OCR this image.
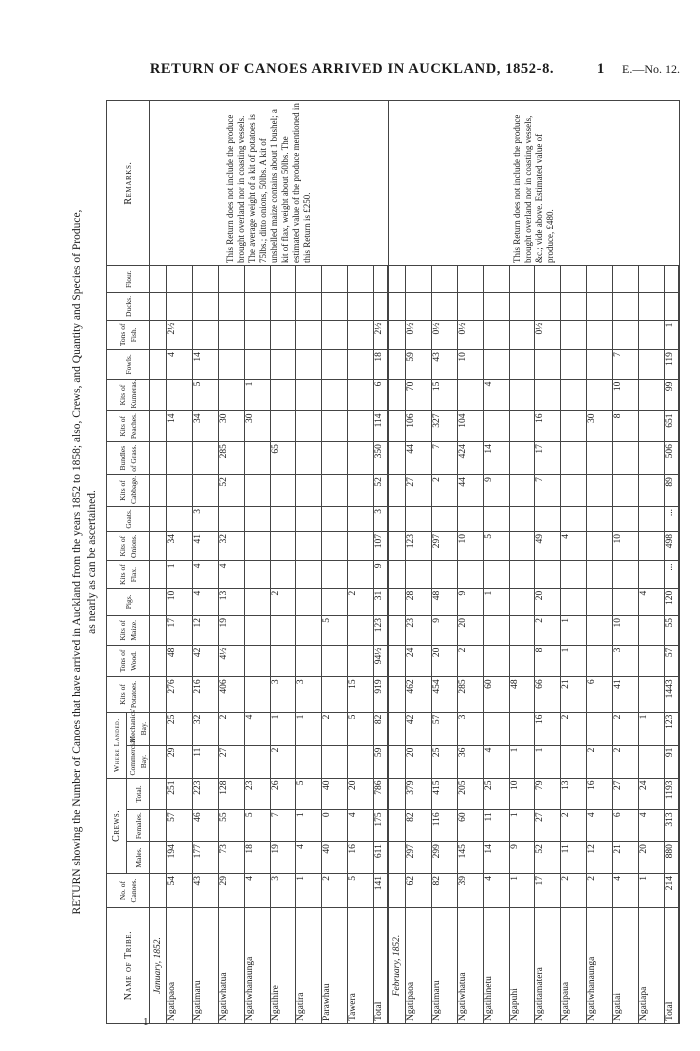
RETURN OF CANOES ARRIVED IN AUCKLAND, 1852-8.	1 E.—No. 12.
RETURN showing the Number of Canoes that have arrived in Auckland from the years 1852 to 1858; also, Crews, and Quantity and Species of Produce, as nearly as can be ascertained.
Name of Tribe.	No. of Canoes.	Crews.			Where Landed.		Kits of Potatoes.	Tons of Wood.	Kits of Maize.	Pigs.	Kits of Flax.	Kits of Onions.	Goats.	Kits of Cabbage.	Bundles of Grass.	Kits of Peaches.	Kits of Kumeras.	Fowls.	Tons of Fish.	Ducks.	Flour.	Remarks.
		Males.	Females.	Total.	Commercial Bay.	Mechanics' Bay.																
January, 1852.																						This Return does not include the produce brought overland nor in coasting vessels. The average weight of a kit of potatoes is 75lbs.; ditto onions, 50lbs. A kit of unshelled maize contains about 1 bushel; a kit of flax, weight about 50lbs. The estimated value of the produce mentioned in this Return is £250.
Ngatipaoa	54	194	57	251	29	25	276	48	17	10	1	34				14		4	2½			
Ngatimaru	43	177	46	223	11	32	216	42	12	4	4	41	3			34	5	14				
Ngatiwhatua	29	73	55	128	27	2	406	4½	19	13	4	32		52	285	30						
Ngatiwhanaunga	4	18	5	23		4										30	1					
Ngatihire	3	19	7	26	2	1	3			2					65							
Ngatira	1	4	1	5		1	3															
Parawhau	2	40	0	40		2			5													
Tawera	5	16	4	20		5	15			2												
Total	141	611	175	786	59	82	919	94½	123	31	9	107	3	52	350	114	6	18	2½			
February, 1852.																						This Return does not include the produce brought overland nor in coasting vessels, &c.; vide above. Estimated value of produce, £480.
Ngatipaoa	62	297	82	379	20	42	462	24	23	28		123		27	44	106	70	59	0½			
Ngatimaru	82	299	116	415	25	57	454	20	9	48		297		2	7	327	15	43	0½			
Ngatiwhatua	39	145	60	205	36	3	285	2	20	9		10		44	424	104		10	0½			
Ngatihinetu	4	14	11	25	4		60			1		5		9	14		4					
Ngapuhi	1	9	1	10	1		48															
Ngatitamatera	17	52	27	79	1	16	66	8	2	20		49		7	17	16			0½			
Ngatipaua	2	11	2	13		2	21	1	1			4										
Ngatiwhanaunga	2	12	4	16	2		6									30						
Ngatiai	4	21	6	27	2	2	41	3	10			10				8	10	7				
Ngatiapa	1	20	4	24		1				4												
Total	214	880	313	1193	91	123	1443	57	55	120	...	498	...	89	506	651	99	119	1			
1
